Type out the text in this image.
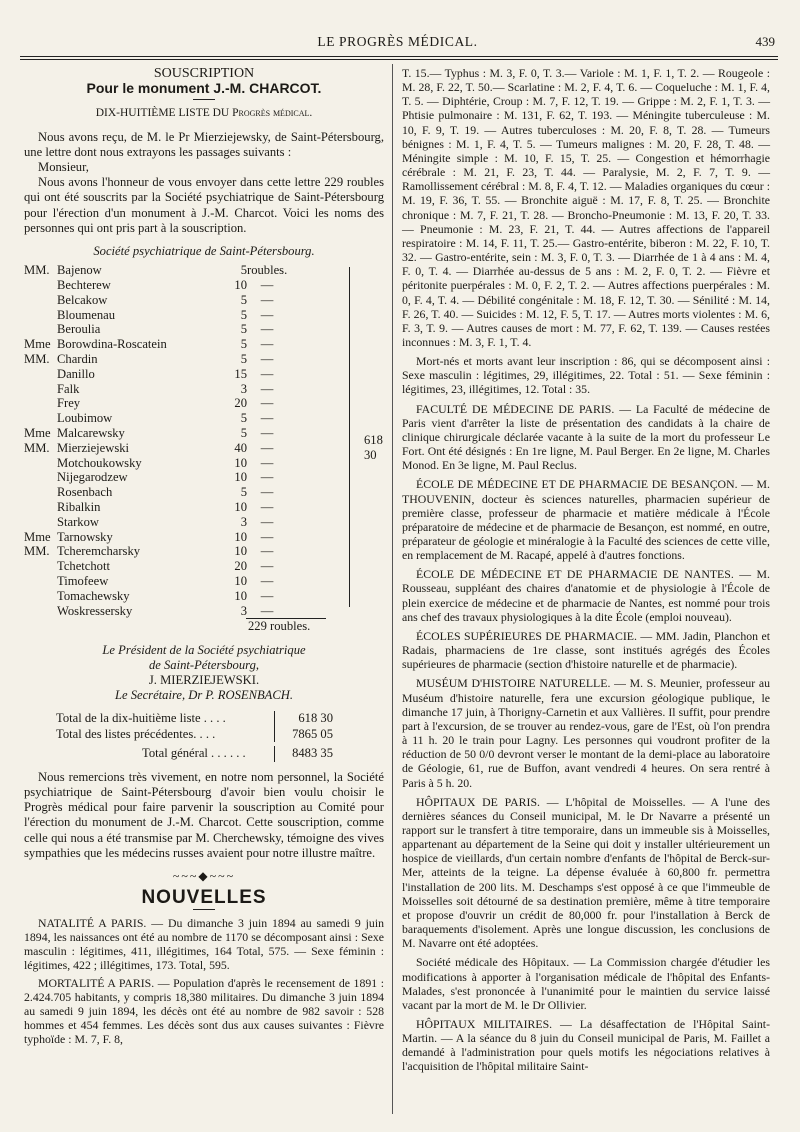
LE PROGRÈS MÉDICAL.	439

SOUSCRIPTION

Pour le monument J.-M. CHARCOT.

DIX-HUITIÈME LISTE DU Progrès médical.

Nous avons reçu, de M. le Pr Mierziejewsky, de Saint-Pétersbourg, une lettre dont nous extrayons les passages suivants :

Monsieur,

Nous avons l'honneur de vous envoyer dans cette lettre 229 roubles qui ont été souscrits par la Société psychiatrique de Saint-Pétersbourg pour l'érection d'un monument à J.-M. Charcot. Voici les noms des personnes qui ont pris part à la souscription.

Société psychiatrique de Saint-Pétersbourg.

618 30
MM. Bajenow	5 roubles.
Bechterew	10	—
Belcakow	5	—
Bloumenau	5	—
Beroulia	5	—
Mme Borowdina-Roscatein	5	—
MM. Chardin	5	—
Danillo	15	—
Falk	3	—
Frey	20	—
Loubimow	5	—
Mme Malcarewsky	5	—
MM. Mierziejewski	40	—
Motchoukowsky	10	—
Nijegarodzew	10	—
Rosenbach	5	—
Ribalkin	10	—
Starkow	3	—
Mme Tarnowsky	10	—
MM. Tcheremcharsky	10	—
Tchetchott	20	—
Timofeew	10	—
Tomachewsky	10	—
Woskressersky	3	—
229 roubles.

Le Président de la Société psychiatrique

de Saint-Pétersbourg,

J. MIERZIEJEWSKI.

Le Secrétaire, Dr P. ROSENBACH.

Total de la dix-huitième liste . . . .	618 30
Total des listes précédentes. . . .	7865 05
Total général . . . . . .	8483 35

Nous remercions très vivement, en notre nom personnel, la Société psychiatrique de Saint-Pétersbourg d'avoir bien voulu choisir le Progrès médical pour faire parvenir la souscription au Comité pour l'érection du monument de J.-M. Charcot. Cette souscription, comme celle qui nous a été transmise par M. Cherchewsky, témoigne des vives sympathies que les médecins russes avaient pour notre illustre maître.

~~~◆~~~
NOUVELLES

NATALITÉ A PARIS. — Du dimanche 3 juin 1894 au samedi 9 juin 1894, les naissances ont été au nombre de 1170 se décomposant ainsi : Sexe masculin : légitimes, 411, illégitimes, 164 Total, 575. — Sexe féminin : légitimes, 422 ; illégitimes, 173. Total, 595.

MORTALITÉ A PARIS. — Population d'après le recensement de 1891 : 2.424.705 habitants, y compris 18,380 militaires. Du dimanche 3 juin 1894 au samedi 9 juin 1894, les décès ont été au nombre de 982 savoir : 528 hommes et 454 femmes. Les décès sont dus aux causes suivantes : Fièvre typhoïde : M. 7, F. 8,

T. 15.— Typhus : M. 3, F. 0, T. 3.— Variole : M. 1, F. 1, T. 2. — Rougeole : M. 28, F. 22, T. 50.— Scarlatine : M. 2, F. 4, T. 6. — Coqueluche : M. 1, F. 4, T. 5. — Diphtérie, Croup : M. 7, F. 12, T. 19. — Grippe : M. 2, F. 1, T. 3. — Phtisie pulmonaire : M. 131, F. 62, T. 193. — Méningite tuberculeuse : M. 10, F. 9, T. 19. — Autres tuberculoses : M. 20, F. 8, T. 28. — Tumeurs bénignes : M. 1, F. 4, T. 5. — Tumeurs malignes : M. 20, F. 28, T. 48. — Méningite simple : M. 10, F. 15, T. 25. — Congestion et hémorrhagie cérébrale : M. 21, F. 23, T. 44. — Paralysie, M. 2, F. 7, T. 9. — Ramollissement cérébral : M. 8, F. 4, T. 12. — Maladies organiques du cœur : M. 19, F. 36, T. 55. — Bronchite aiguë : M. 17, F. 8, T. 25. — Bronchite chronique : M. 7, F. 21, T. 28. — Broncho-Pneumonie : M. 13, F. 20, T. 33. — Pneumonie : M. 23, F. 21, T. 44. — Autres affections de l'appareil respiratoire : M. 14, F. 11, T. 25.— Gastro-entérite, biberon : M. 22, F. 10, T. 32. — Gastro-entérite, sein : M. 3, F. 0, T. 3. — Diarrhée de 1 à 4 ans : M. 4, F. 0, T. 4. — Diarrhée au-dessus de 5 ans : M. 2, F. 0, T. 2. — Fièvre et péritonite puerpérales : M. 0, F. 2, T. 2. — Autres affections puerpérales : M. 0, F. 4, T. 4. — Débilité congénitale : M. 18, F. 12, T. 30. — Sénilité : M. 14, F. 26, T. 40. — Suicides : M. 12, F. 5, T. 17. — Autres morts violentes : M. 6, F. 3, T. 9. — Autres causes de mort : M. 77, F. 62, T. 139. — Causes restées inconnues : M. 3, F. 1, T. 4.

Mort-nés et morts avant leur inscription : 86, qui se décomposent ainsi : Sexe masculin : légitimes, 29, illégitimes, 22. Total : 51. — Sexe féminin : légitimes, 23, illégitimes, 12. Total : 35.

FACULTÉ DE MÉDECINE DE PARIS. — La Faculté de médecine de Paris vient d'arrêter la liste de présentation des candidats à la chaire de clinique chirurgicale déclarée vacante à la suite de la mort du professeur Le Fort. Ont été désignés : En 1re ligne, M. Paul Berger. En 2e ligne, M. Charles Monod. En 3e ligne, M. Paul Reclus.

ÉCOLE DE MÉDECINE ET DE PHARMACIE DE BESANÇON. — M. THOUVENIN, docteur ès sciences naturelles, pharmacien supérieur de première classe, professeur de pharmacie et matière médicale à l'École préparatoire de médecine et de pharmacie de Besançon, est nommé, en outre, préparateur de géologie et minéralogie à la Faculté des sciences de cette ville, en remplacement de M. Racapé, appelé à d'autres fonctions.

ÉCOLE DE MÉDECINE ET DE PHARMACIE DE NANTES. — M. Rousseau, suppléant des chaires d'anatomie et de physiologie à l'École de plein exercice de médecine et de pharmacie de Nantes, est nommé pour trois ans chef des travaux physiologiques à la dite École (emploi nouveau).

ÉCOLES SUPÉRIEURES DE PHARMACIE. — MM. Jadin, Planchon et Radais, pharmaciens de 1re classe, sont institués agrégés des Écoles supérieures de pharmacie (section d'histoire naturelle et de pharmacie).

MUSÉUM D'HISTOIRE NATURELLE. — M. S. Meunier, professeur au Muséum d'histoire naturelle, fera une excursion géologique publique, le dimanche 17 juin, à Thorigny-Carnetin et aux Vallières. Il suffit, pour prendre part à l'excursion, de se trouver au rendez-vous, gare de l'Est, où l'on prendra à 11 h. 20 le train pour Lagny. Les personnes qui voudront profiter de la réduction de 50 0/0 devront verser le montant de la demi-place au laboratoire de Géologie, 61, rue de Buffon, avant vendredi 4 heures. On sera rentré à Paris à 5 h. 20.

HÔPITAUX DE PARIS. — L'hôpital de Moisselles. — A l'une des dernières séances du Conseil municipal, M. le Dr Navarre a présenté un rapport sur le transfert à titre temporaire, dans un immeuble sis à Moisselles, appartenant au département de la Seine qui doit y installer ultérieurement un hospice de vieillards, d'un certain nombre d'enfants de l'hôpital de Berck-sur-Mer, atteints de la teigne. La dépense évaluée à 60,800 fr. permettra l'installation de 200 lits. M. Deschamps s'est opposé à ce que l'immeuble de Moisselles soit détourné de sa destination première, même à titre temporaire et propose d'ouvrir un crédit de 80,000 fr. pour l'installation à Berck de baraquements d'isolement. Après une longue discussion, les conclusions de M. Navarre ont été adoptées.

Société médicale des Hôpitaux. — La Commission chargée d'étudier les modifications à apporter à l'organisation médicale de l'hôpital des Enfants-Malades, s'est prononcée à l'unanimité pour le maintien du service laissé vacant par la mort de M. le Dr Ollivier.

HÔPITAUX MILITAIRES. — La désaffectation de l'Hôpital Saint-Martin. — A la séance du 8 juin du Conseil municipal de Paris, M. Faillet a demandé à l'administration pour quels motifs les négociations relatives à l'acquisition de l'hôpital militaire Saint-
